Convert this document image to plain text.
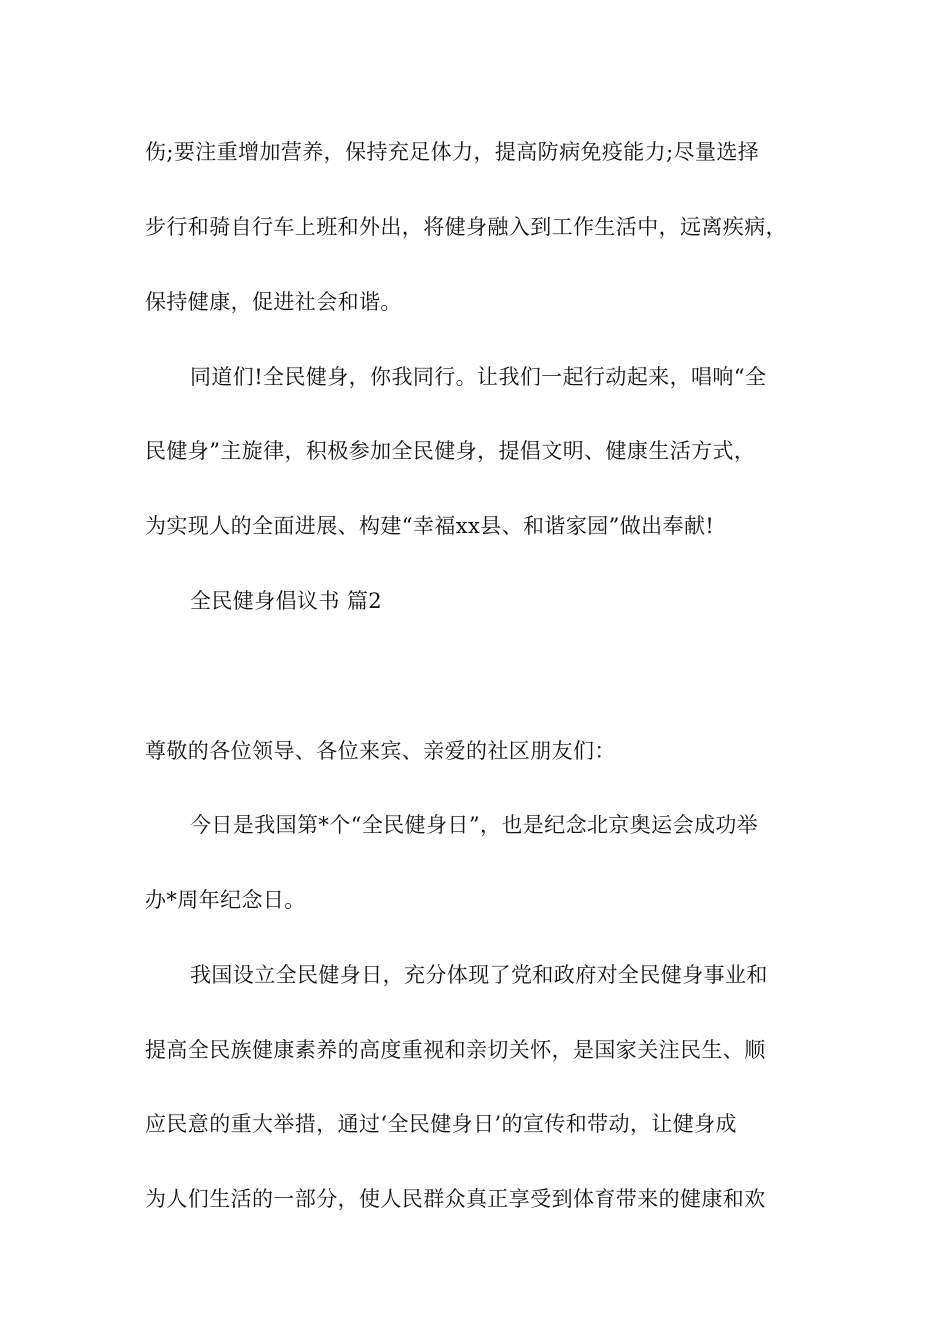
伤;要注重增加营养，保持充足体力，提高防病免疫能力;尽量选择
步行和骑自行车上班和外出，将健身融入到工作生活中，远离疾病，
保持健康，促进社会和谐。
同道们!全民健身，你我同行。让我们一起行动起来，唱响“全
民健身”主旋律，积极参加全民健身，提倡文明、健康生活方式，
为实现人的全面进展、构建“幸福xx县、和谐家园”做出奉献!
全民健身倡议书 篇2
尊敬的各位领导、各位来宾、亲爱的社区朋友们：
今日是我国第*个“全民健身日”，也是纪念北京奥运会成功举
办*周年纪念日。
我国设立全民健身日，充分体现了党和政府对全民健身事业和
提高全民族健康素养的高度重视和亲切关怀，是国家关注民生、顺
应民意的重大举措，通过‘全民健身日’的宣传和带动，让健身成
为人们生活的一部分，使人民群众真正享受到体育带来的健康和欢
